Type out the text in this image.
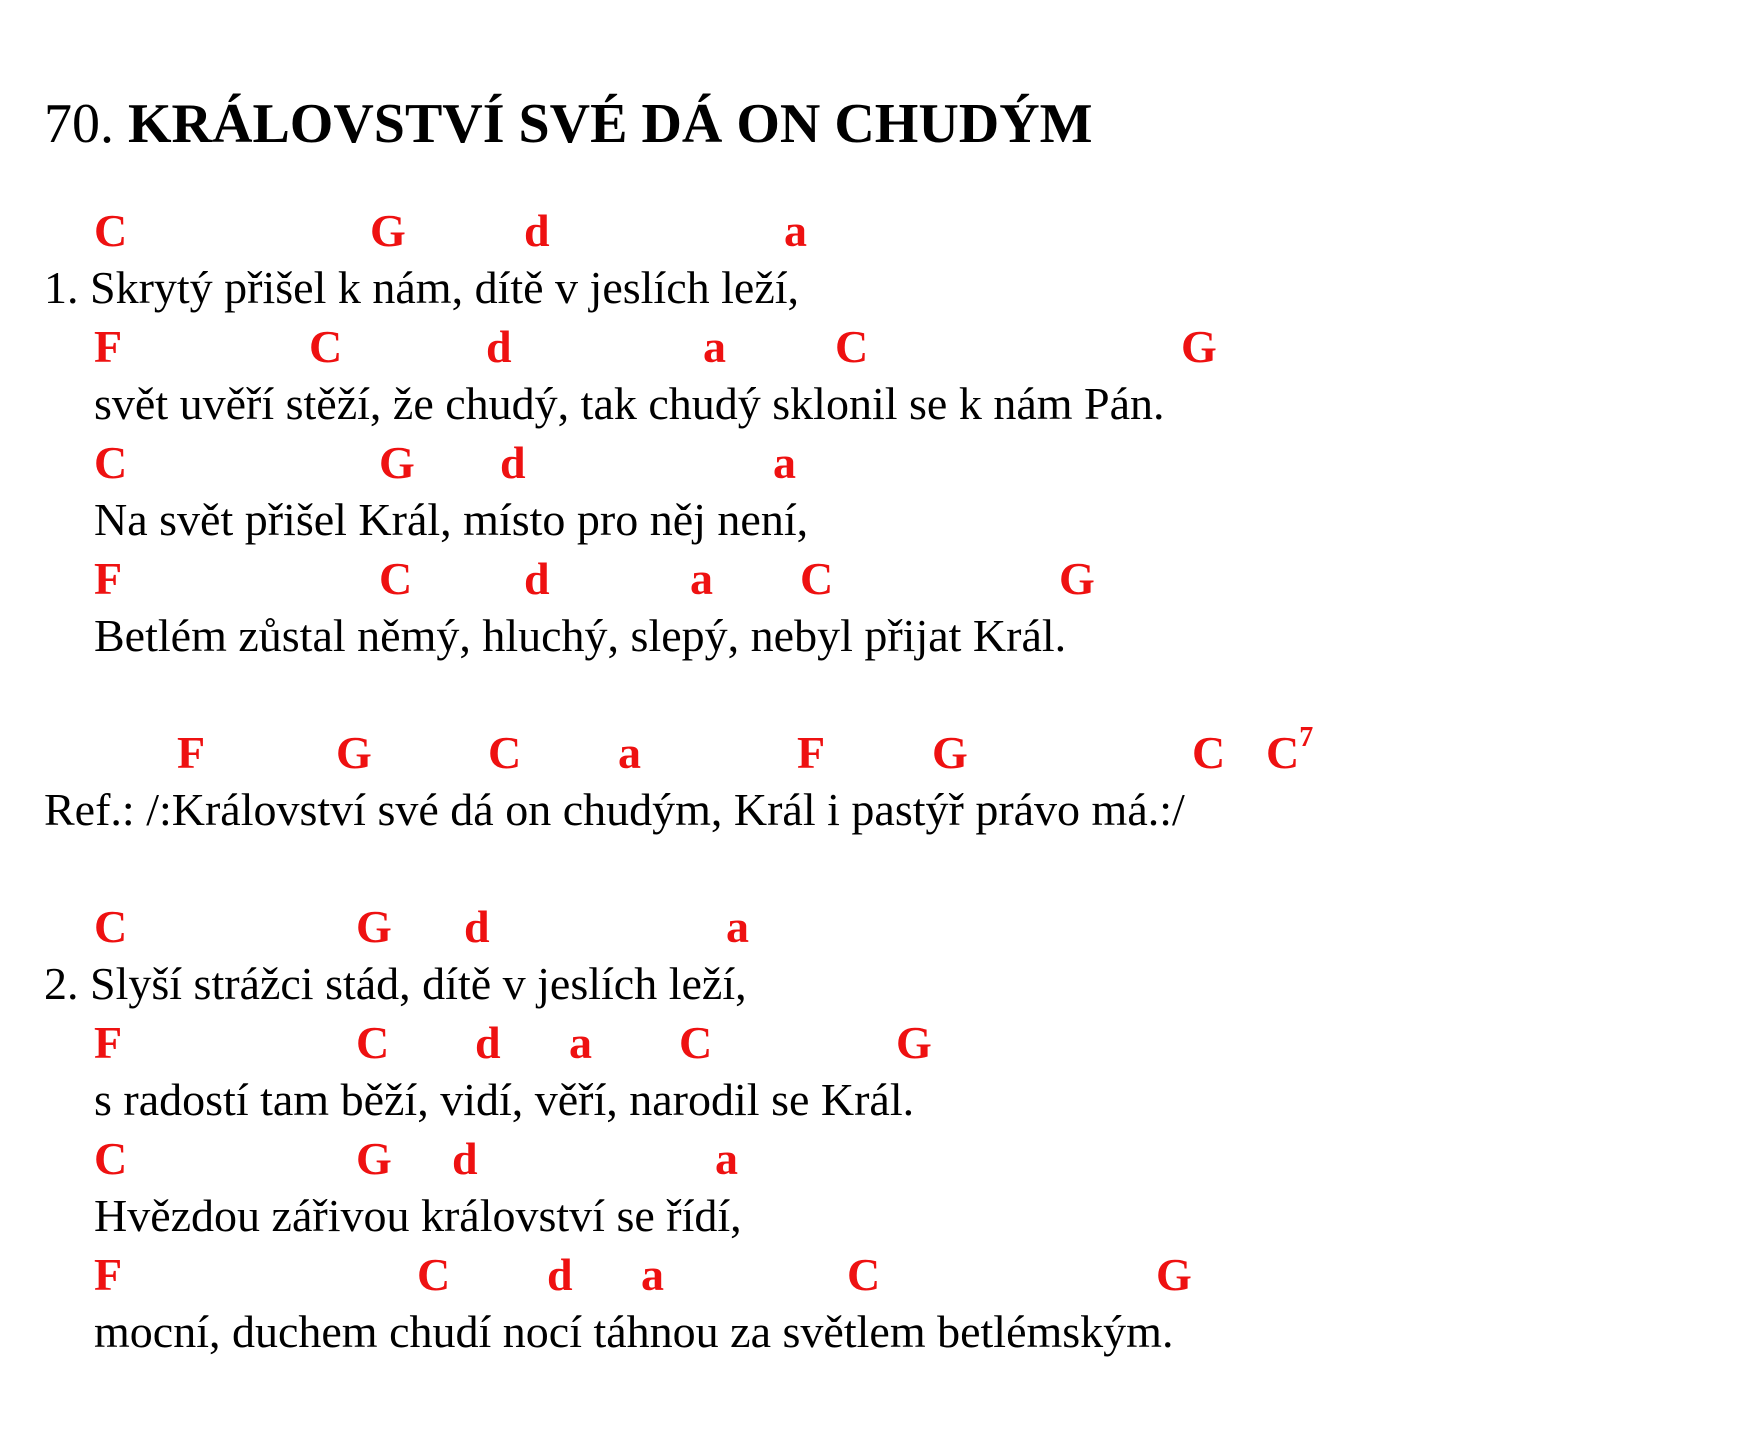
70. KRÁLOVSTVÍ SVÉ DÁ ON CHUDÝM
C	G	d	a
1. Skrytý přišel k nám, dítě v jeslích leží,
F	C	d	a C	G
svět uvěří stěží, že chudý, tak chudý sklonil se k nám Pán.
C	G d	a
Na svět přišel Král, místo pro něj není,
F	C d	a C	G
Betlém zůstal němý, hluchý, slepý, nebyl přijat Král.
F	G	C a	F G	C $C^7$
Ref.: /:Království své dá on chudým, Král i pastýř právo má.:/
C	G d	a
2. Slyší strážci stád, dítě v jeslích leží,
F	C d a C	G
s radostí tam běží, vidí, věří, narodil se Král.
C	G d	a
Hvězdou zářivou království se řídí,
F	C d a	C	G
mocní, duchem chudí nocí táhnou za světlem betlémským.
